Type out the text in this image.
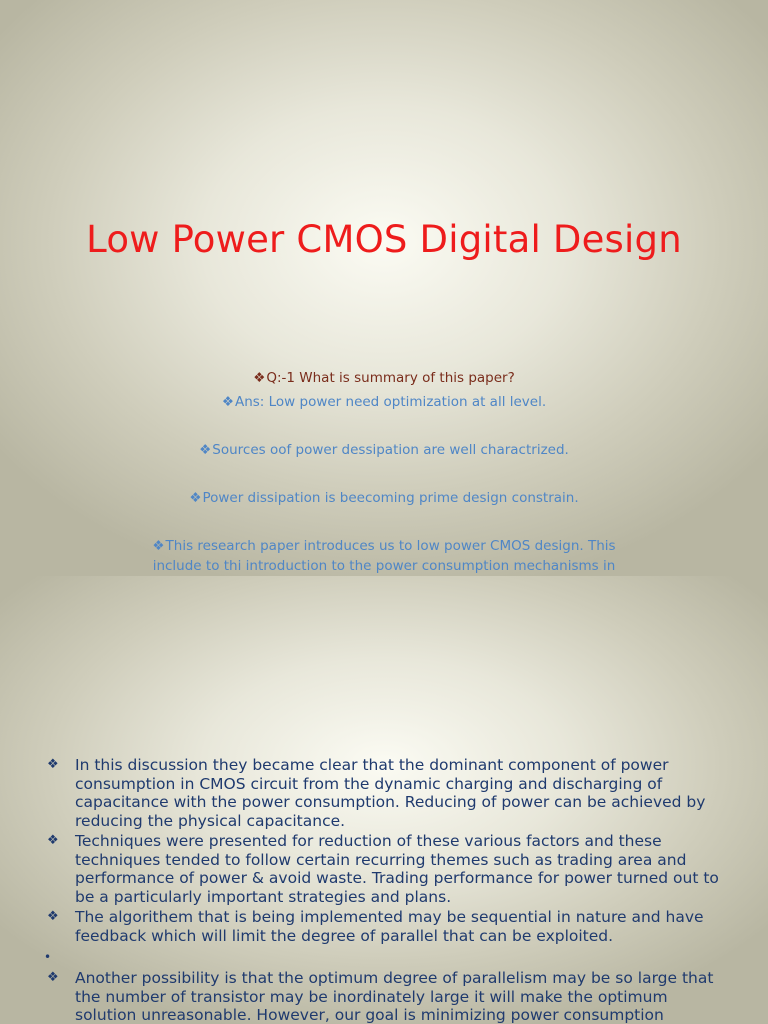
Low Power CMOS Digital Design
❖Q:-1 What is summary of this paper?
❖Ans: Low power need optimization at all level.
❖Sources oof power dessipation are well charactrized.
❖Power dissipation is beecoming prime design constrain.
❖This research paper introduces us to low power CMOS design. This include to thi introduction to the power consumption mechanisms in
❖ In this discussion they became clear that the dominant component of power consumption in CMOS circuit from the dynamic charging and discharging of capacitance with the power consumption. Reducing of power can be achieved by reducing the physical capacitance.
❖ Techniques were presented for reduction of these various factors and these techniques tended to follow certain recurring themes such as trading area and performance of power & avoid waste. Trading performance for power turned out to be a particularly important strategies and plans.
❖ The algorithem that is being implemented may be sequential in nature and have feedback which will limit the degree of parallel that can be exploited.
•
❖ Another possibility is that the optimum degree of parallelism may be so large that the number of transistor may be inordinately large it will make the optimum solution unreasonable. However, our goal is minimizing power consumption
